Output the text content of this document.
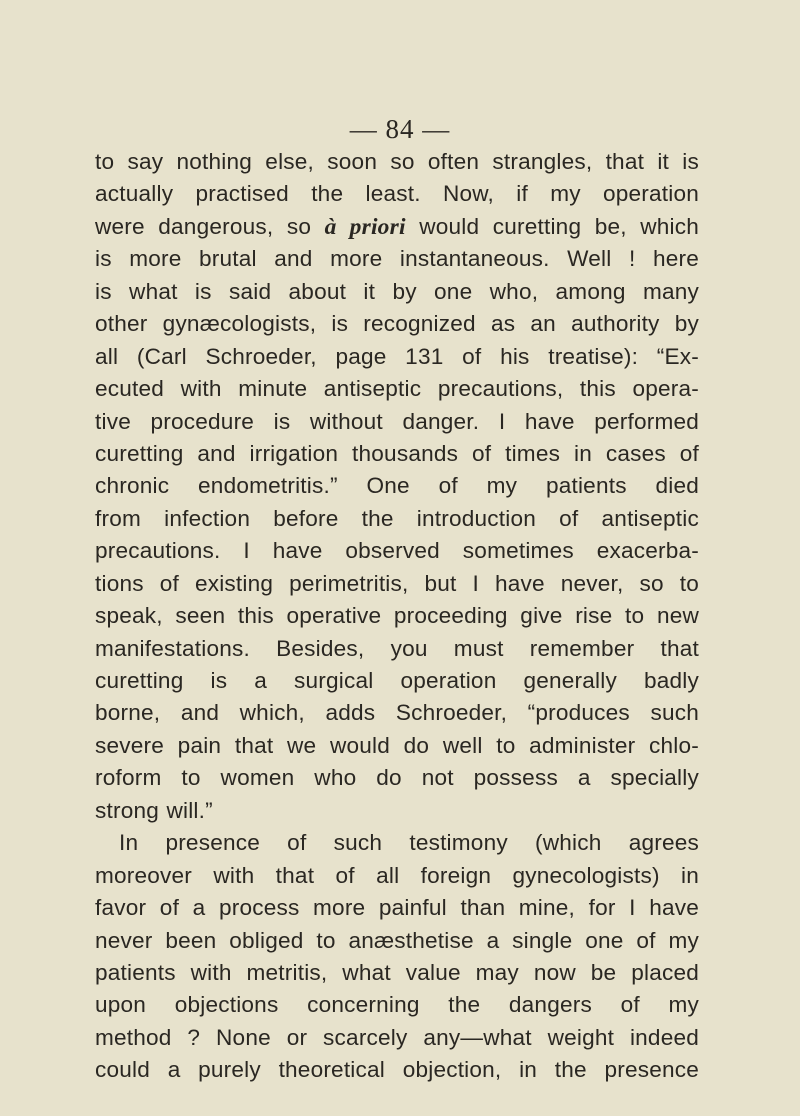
— 84 —
to say nothing else, soon so often strangles, that it is
actually practised the least. Now, if my operation
were dangerous, so à priori would curetting be, which
is more brutal and more instantaneous. Well ! here
is what is said about it by one who, among many
other gynæcologists, is recognized as an authority by
all (Carl Schroeder, page 131 of his treatise): “Ex-
ecuted with minute antiseptic precautions, this opera-
tive procedure is without danger. I have performed
curetting and irrigation thousands of times in cases of
chronic endometritis.” One of my patients died
from infection before the introduction of antiseptic
precautions. I have observed sometimes exacerba-
tions of existing perimetritis, but I have never, so to
speak, seen this operative proceeding give rise to new
manifestations. Besides, you must remember that
curetting is a surgical operation generally badly
borne, and which, adds Schroeder, “produces such
severe pain that we would do well to administer chlo-
roform to women who do not possess a specially
strong will.”
In presence of such testimony (which agrees
moreover with that of all foreign gynecologists) in
favor of a process more painful than mine, for I have
never been obliged to anæsthetise a single one of my
patients with metritis, what value may now be placed
upon objections concerning the dangers of my
method ? None or scarcely any—what weight indeed
could a purely theoretical objection, in the presence
